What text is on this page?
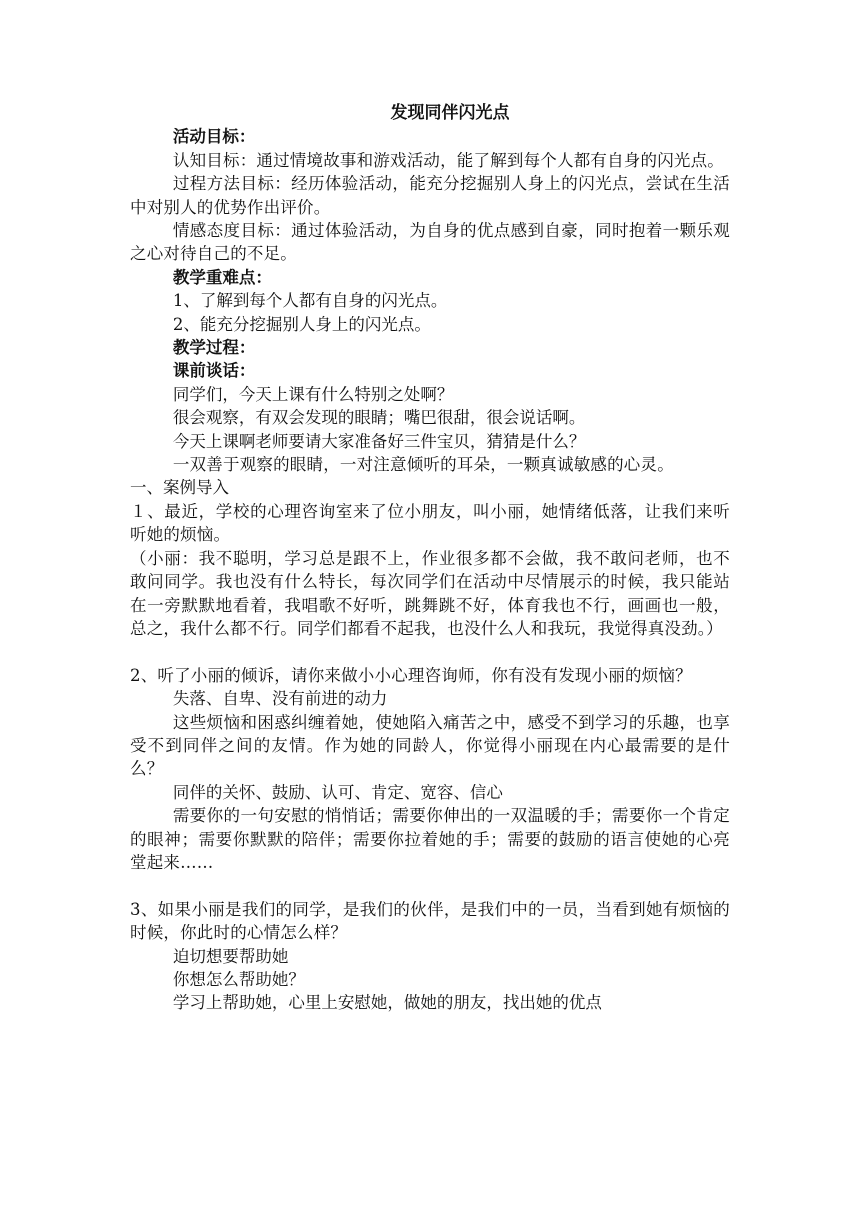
发现同伴闪光点
活动目标：
认知目标：通过情境故事和游戏活动，能了解到每个人都有自身的闪光点。
过程方法目标：经历体验活动，能充分挖掘别人身上的闪光点，尝试在生活中对别人的优势作出评价。
情感态度目标：通过体验活动，为自身的优点感到自豪，同时抱着一颗乐观之心对待自己的不足。
教学重难点：
1、了解到每个人都有自身的闪光点。
2、能充分挖掘别人身上的闪光点。
教学过程：
课前谈话：
同学们，今天上课有什么特别之处啊？
很会观察，有双会发现的眼睛；嘴巴很甜，很会说话啊。
今天上课啊老师要请大家准备好三件宝贝，猜猜是什么？
一双善于观察的眼睛，一对注意倾听的耳朵，一颗真诚敏感的心灵。
一、案例导入
１、最近，学校的心理咨询室来了位小朋友，叫小丽，她情绪低落，让我们来听听她的烦恼。
（小丽：我不聪明，学习总是跟不上，作业很多都不会做，我不敢问老师，也不敢问同学。我也没有什么特长，每次同学们在活动中尽情展示的时候，我只能站在一旁默默地看着，我唱歌不好听，跳舞跳不好，体育我也不行，画画也一般，总之，我什么都不行。同学们都看不起我，也没什么人和我玩，我觉得真没劲。）
2、听了小丽的倾诉，请你来做小小心理咨询师，你有没有发现小丽的烦恼？
失落、自卑、没有前进的动力
这些烦恼和困惑纠缠着她，使她陷入痛苦之中，感受不到学习的乐趣，也享受不到同伴之间的友情。作为她的同龄人，你觉得小丽现在内心最需要的是什么？
同伴的关怀、鼓励、认可、肯定、宽容、信心
需要你的一句安慰的悄悄话；需要你伸出的一双温暖的手；需要你一个肯定的眼神；需要你默默的陪伴；需要你拉着她的手；需要的鼓励的语言使她的心亮堂起来……
3、如果小丽是我们的同学，是我们的伙伴，是我们中的一员，当看到她有烦恼的时候，你此时的心情怎么样？
迫切想要帮助她
你想怎么帮助她？
学习上帮助她，心里上安慰她，做她的朋友，找出她的优点
